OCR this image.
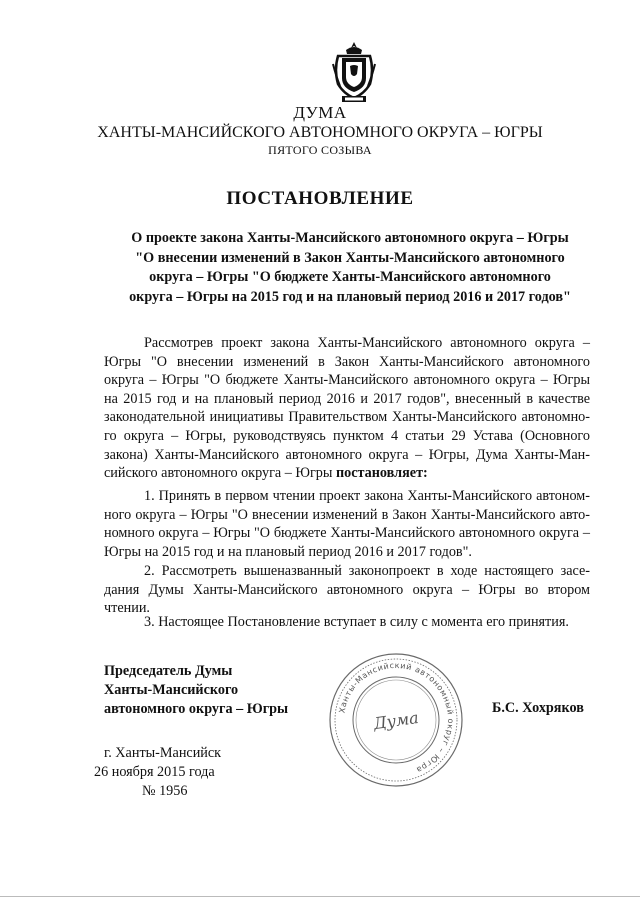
ДУМА
ХАНТЫ-МАНСИЙСКОГО АВТОНОМНОГО ОКРУГА – ЮГРЫ
ПЯТОГО СОЗЫВА
ПОСТАНОВЛЕНИЕ
О проекте закона Ханты-Мансийского автономного округа – Югры
"О внесении изменений в Закон Ханты-Мансийского автономного
округа – Югры "О бюджете Ханты-Мансийского автономного
округа – Югры на 2015 год и на плановый период 2016 и 2017 годов"
Рассмотрев проект закона Ханты-Мансийского автономного округа –
Югры "О внесении изменений в Закон Ханты-Мансийского автономного
округа – Югры "О бюджете Ханты-Мансийского автономного округа – Югры
на 2015 год и на плановый период 2016 и 2017 годов", внесенный в качестве
законодательной инициативы Правительством Ханты-Мансийского автономно-
го округа – Югры, руководствуясь пунктом 4 статьи 29 Устава (Основного
закона) Ханты-Мансийского автономного округа – Югры, Дума Ханты-Ман-
сийского автономного округа – Югры постановляет:
1. Принять в первом чтении проект закона Ханты-Мансийского автоном-
ного округа – Югры "О внесении изменений в Закон Ханты-Мансийского авто-
номного округа – Югры "О бюджете Ханты-Мансийского автономного округа –
Югры на 2015 год и на плановый период 2016 и 2017 годов".
2. Рассмотреть вышеназванный законопроект в ходе настоящего засе-
дания Думы Ханты-Мансийского автономного округа – Югры во втором
чтении.
3. Настоящее Постановление вступает в силу с момента его принятия.
Председатель Думы
Ханты-Мансийского
автономного округа – Югры	Ханты-Мансийский автономный округ – Югра
Дума	Б.С. Хохряков
г. Ханты-Мансийск
26 ноября 2015 года
№ 1956
